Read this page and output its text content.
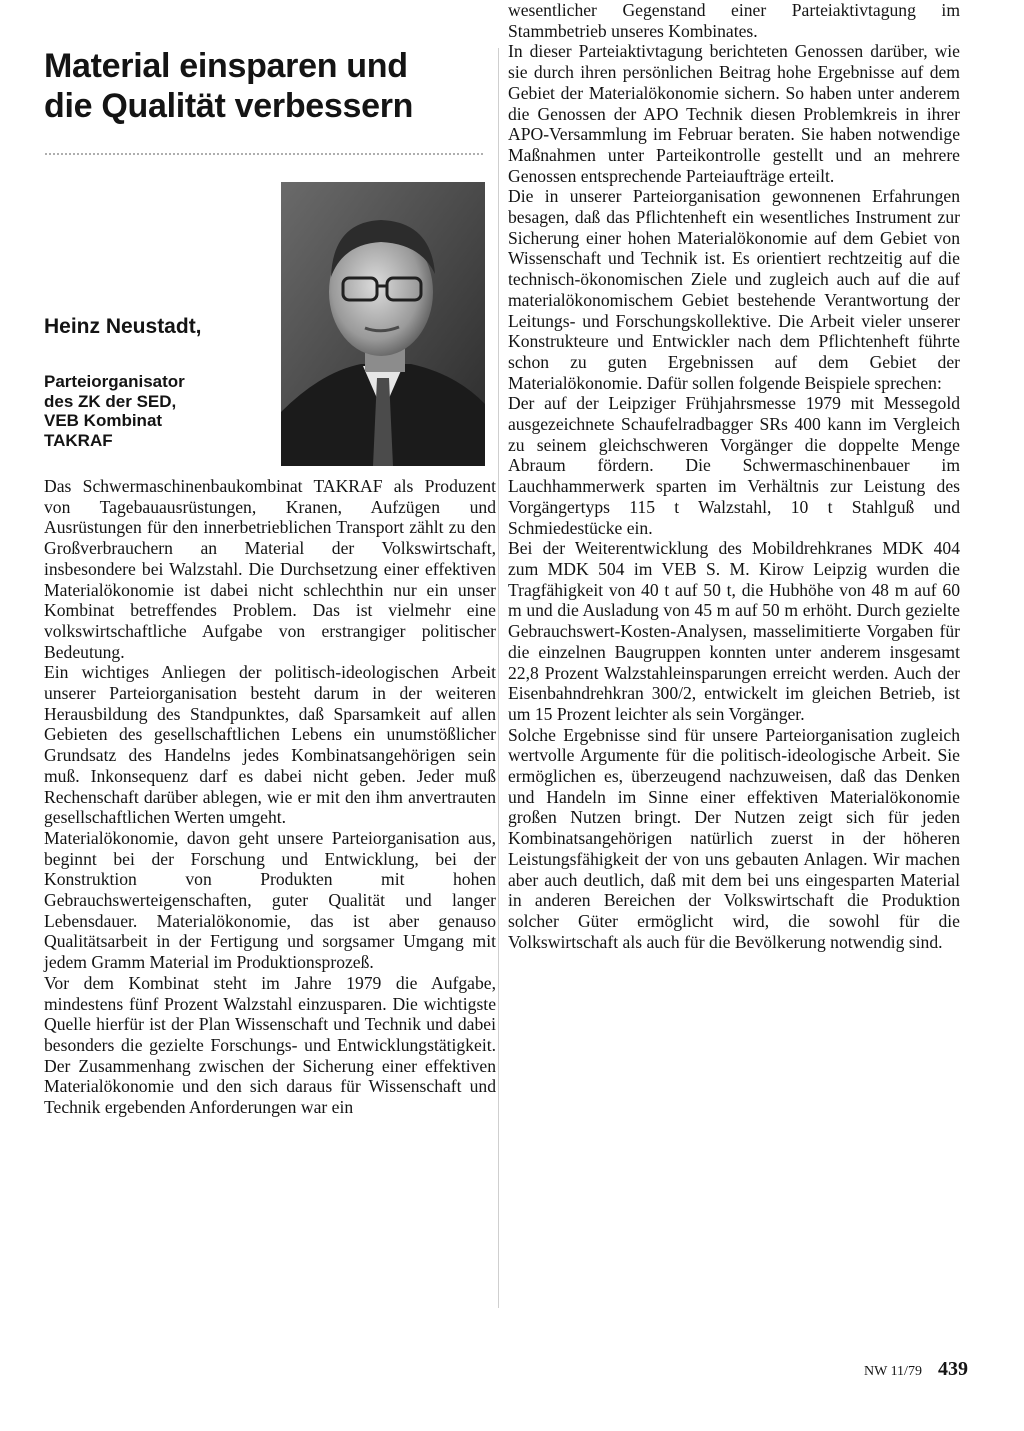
Material einsparen und
die Qualität verbessern
Heinz Neustadt,
Parteiorganisator
des ZK der SED,
VEB Kombinat
TAKRAF

Das Schwermaschinenbaukombinat TAKRAF als Produzent von Tagebauausrüstungen, Kranen, Aufzügen und Ausrüstungen für den innerbetrieblichen Transport zählt zu den Großverbrauchern an Material der Volkswirtschaft, insbesondere bei Walzstahl. Die Durchsetzung einer effektiven Materialökonomie ist dabei nicht schlechthin nur ein unser Kombinat betreffendes Problem. Das ist vielmehr eine volkswirtschaftliche Aufgabe von erstrangiger politischer Bedeutung.

Ein wichtiges Anliegen der politisch-ideologischen Arbeit unserer Parteiorganisation besteht darum in der weiteren Herausbildung des Standpunktes, daß Sparsamkeit auf allen Gebieten des gesellschaftlichen Lebens ein unumstößlicher Grundsatz des Handelns jedes Kombinatsangehörigen sein muß. Inkonsequenz darf es dabei nicht geben. Jeder muß Rechenschaft darüber ablegen, wie er mit den ihm anvertrauten gesellschaftlichen Werten umgeht.

Materialökonomie, davon geht unsere Parteiorganisation aus, beginnt bei der Forschung und Entwicklung, bei der Konstruktion von Produkten mit hohen Gebrauchswerteigenschaften, guter Qualität und langer Lebensdauer. Materialökonomie, das ist aber genauso Qualitätsarbeit in der Fertigung und sorgsamer Umgang mit jedem Gramm Material im Produktionsprozeß.

Vor dem Kombinat steht im Jahre 1979 die Aufgabe, mindestens fünf Prozent Walzstahl einzusparen. Die wichtigste Quelle hierfür ist der Plan Wissenschaft und Technik und dabei besonders die gezielte Forschungs- und Entwicklungstätigkeit. Der Zusammenhang zwischen der Sicherung einer effektiven Materialökonomie und den sich daraus für Wissenschaft und Technik ergebenden Anforderungen war ein

wesentlicher Gegenstand einer Parteiaktivtagung im Stammbetrieb unseres Kombinates.

In dieser Parteiaktivtagung berichteten Genossen darüber, wie sie durch ihren persönlichen Beitrag hohe Ergebnisse auf dem Gebiet der Materialökonomie sichern. So haben unter anderem die Genossen der APO Technik diesen Problemkreis in ihrer APO-Versammlung im Februar beraten. Sie haben notwendige Maßnahmen unter Parteikontrolle gestellt und an mehrere Genossen entsprechende Parteiaufträge erteilt.

Die in unserer Parteiorganisation gewonnenen Erfahrungen besagen, daß das Pflichtenheft ein wesentliches Instrument zur Sicherung einer hohen Materialökonomie auf dem Gebiet von Wissenschaft und Technik ist. Es orientiert rechtzeitig auf die technisch-ökonomischen Ziele und zugleich auch auf die auf materialökonomischem Gebiet bestehende Verantwortung der Leitungs- und Forschungskollektive. Die Arbeit vieler unserer Konstrukteure und Entwickler nach dem Pflichtenheft führte schon zu guten Ergebnissen auf dem Gebiet der Materialökonomie. Dafür sollen folgende Beispiele sprechen:

Der auf der Leipziger Frühjahrsmesse 1979 mit Messegold ausgezeichnete Schaufelradbagger SRs 400 kann im Vergleich zu seinem gleichschweren Vorgänger die doppelte Menge Abraum fördern. Die Schwermaschinenbauer im Lauchhammerwerk sparten im Verhältnis zur Leistung des Vorgängertyps 115 t Walzstahl, 10 t Stahlguß und Schmiedestücke ein.

Bei der Weiterentwicklung des Mobildrehkranes MDK 404 zum MDK 504 im VEB S. M. Kirow Leipzig wurden die Tragfähigkeit von 40 t auf 50 t, die Hubhöhe von 48 m auf 60 m und die Ausladung von 45 m auf 50 m erhöht. Durch gezielte Gebrauchswert-Kosten-Analysen, masselimitierte Vorgaben für die einzelnen Baugruppen konnten unter anderem insgesamt 22,8 Prozent Walzstahleinsparungen erreicht werden. Auch der Eisenbahndrehkran 300/2, entwickelt im gleichen Betrieb, ist um 15 Prozent leichter als sein Vorgänger.

Solche Ergebnisse sind für unsere Parteiorganisation zugleich wertvolle Argumente für die politisch-ideologische Arbeit. Sie ermöglichen es, überzeugend nachzuweisen, daß das Denken und Handeln im Sinne einer effektiven Materialökonomie großen Nutzen bringt. Der Nutzen zeigt sich für jeden Kombinatsangehörigen natürlich zuerst in der höheren Leistungsfähigkeit der von uns gebauten Anlagen. Wir machen aber auch deutlich, daß mit dem bei uns eingesparten Material in anderen Bereichen der Volkswirtschaft die Produktion solcher Güter ermöglicht wird, die sowohl für die Volkswirtschaft als auch für die Bevölkerung notwendig sind.

NW 11/79 439
